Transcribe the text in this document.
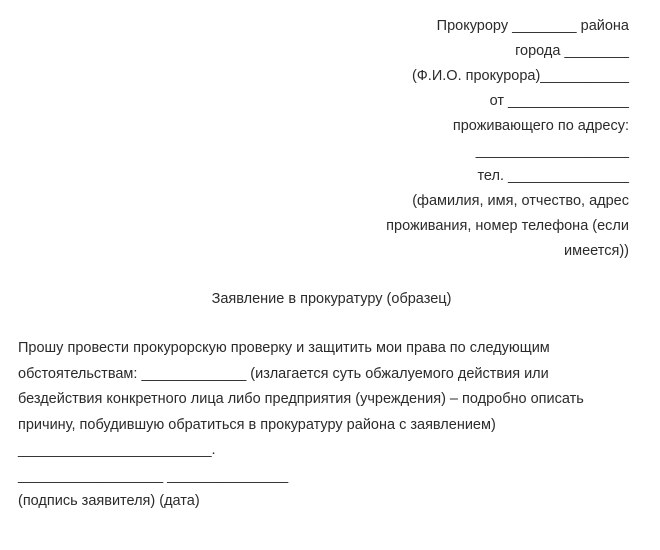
Прокурору ________ района
города ________
(Ф.И.О. прокурора)___________
от _______________
проживающего по адресу:
___________________
тел. _______________
(фамилия, имя, отчество, адрес
проживания, номер телефона (если
имеется))
Заявление в прокуратуру (образец)
Прошу провести прокурорскую проверку и защитить мои права по следующим
обстоятельствам: _____________ (излагается суть обжалуемого действия или
бездействия конкретного лица либо предприятия (учреждения) – подробно описать
причину, побудившую обратиться в прокуратуру района с заявлением)
________________________.
__________________ _______________
(подпись заявителя) (дата)
